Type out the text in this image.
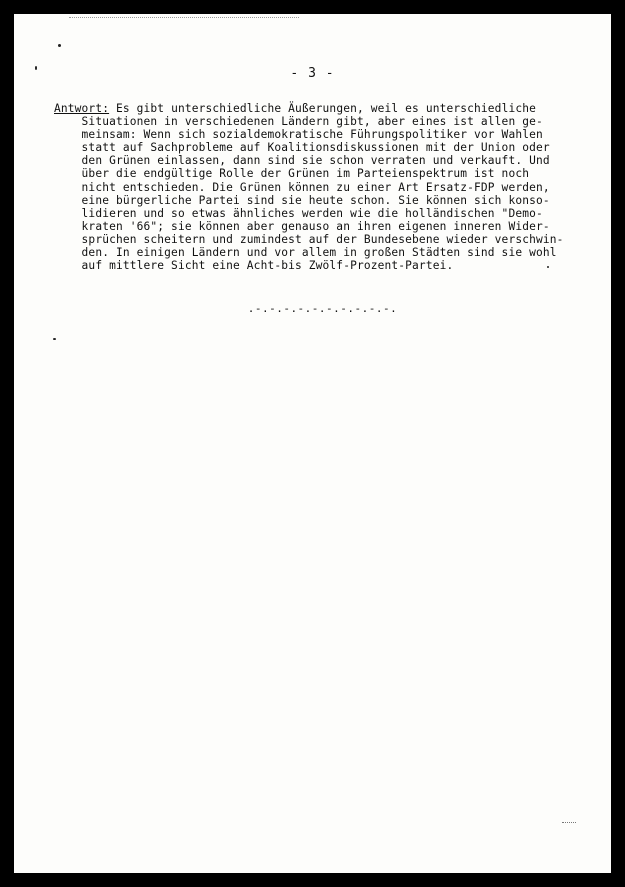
- 3 -
Antwort: Es gibt unterschiedliche Äußerungen, weil es unterschiedliche
Situationen in verschiedenen Ländern gibt, aber eines ist allen ge-
meinsam: Wenn sich sozialdemokratische Führungspolitiker vor Wahlen
statt auf Sachprobleme auf Koalitionsdiskussionen mit der Union oder
den Grünen einlassen, dann sind sie schon verraten und verkauft. Und
über die endgültige Rolle der Grünen im Parteienspektrum ist noch
nicht entschieden. Die Grünen können zu einer Art Ersatz-FDP werden,
eine bürgerliche Partei sind sie heute schon. Sie können sich konso-
lidieren und so etwas ähnliches werden wie die holländischen "Demo-
kraten '66"; sie können aber genauso an ihren eigenen inneren Wider-
sprüchen scheitern und zumindest auf der Bundesebene wieder verschwin-
den. In einigen Ländern und vor allem in großen Städten sind sie wohl
auf mittlere Sicht eine Acht-bis Zwölf-Prozent-Partei.
.-.-.-.-.-.-.-.-.-.-.
